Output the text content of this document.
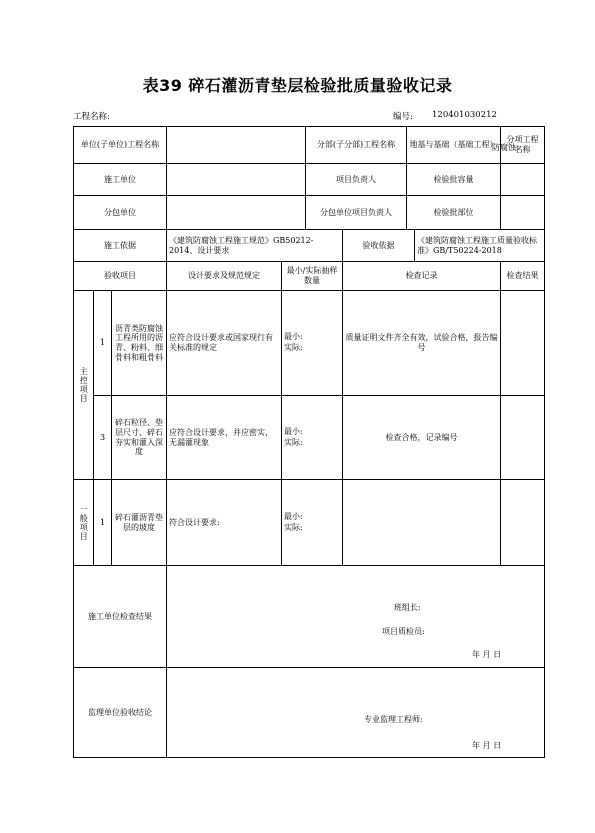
表39 碎石灌沥青垫层检验批质量验收记录
工程名称:	编号: 120401030212
单位(子单位)工程名称					分部(子分部)工程名称		地基与基础（基础工程）		分项工程名称

施工单位					项目负责人		检验批容量		
分包单位					分包单位项目负责人		检验批部位		
施工依据			《建筑防腐蚀工程施工规范》GB50212-2014、设计要求			验收依据		《建筑防腐蚀工程施工质量验收标准》GB/T50224-2018	
验收项目			设计要求及规范规定	最小/实际抽样数量		检查记录			检查结果

主控项目	1	沥青类防腐蚀工程所用的沥青、粉料、细骨料和粗骨料	应符合设计要求或国家现行有关标准的规定	最小:
实际:		质量证明文件齐全有效，试验合格，报告编号			
	3	碎石粒径、垫层尺寸、碎石夯实和灌入深度	应符合设计要求，并应密实，无漏灌现象	最小:
实际:		检查合格，记录编号			

一般项目	1	碎石灌沥青垫层的坡度	符合设计要求:	最小:
实际:					

施工单位检查结果			班组长:
项目质检员:
年 月 日						

监理单位验收结论			专业监理工程师:
年 月 日						
防腐蚀
